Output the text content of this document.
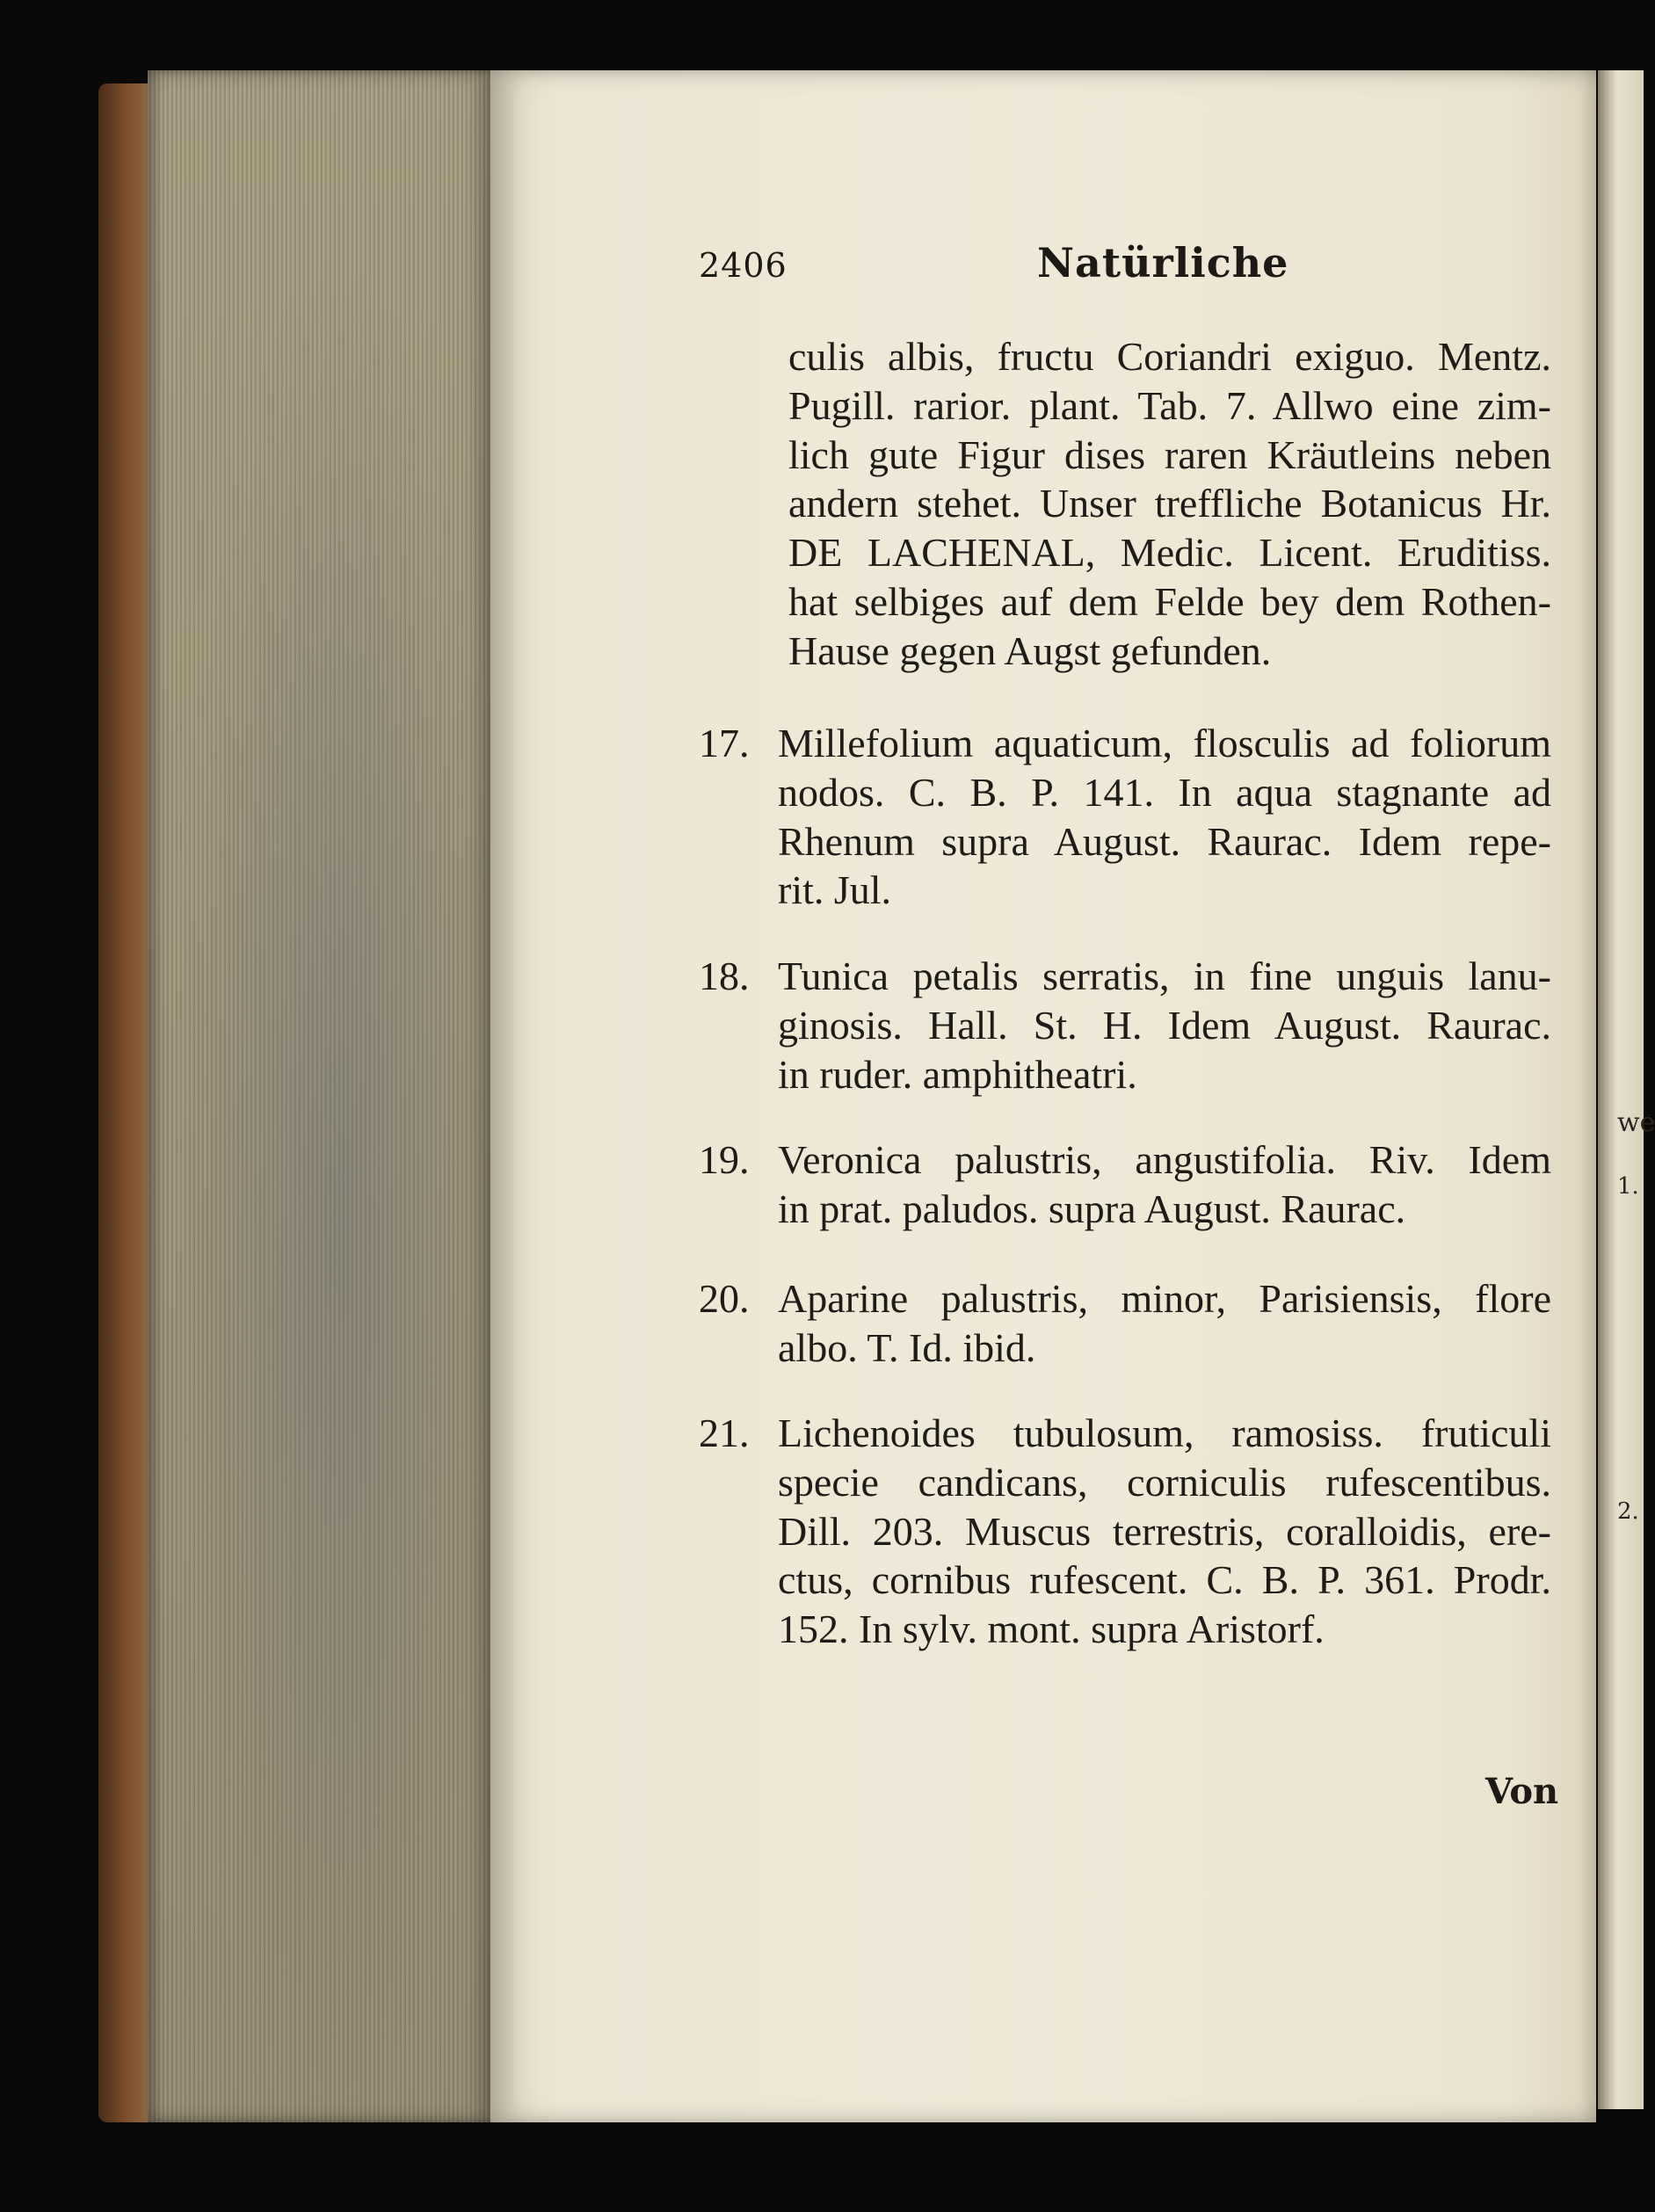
we
1.
2.
2406	Natürliche
culis albis, fructu Coriandri exiguo. Mentz.
Pugill. rarior. plant. Tab. 7. Allwo eine zim-
lich gute Figur dises raren Kräutleins neben
andern stehet. Unser treffliche Botanicus Hr.
DE LACHENAL, Medic. Licent. Eruditiss.
hat selbiges auf dem Felde bey dem Rothen-
Hause gegen Augst gefunden.
17. Millefolium aquaticum, flosculis ad foliorum
nodos. C. B. P. 141. In aqua stagnante ad
Rhenum supra August. Raurac. Idem repe-
rit. Jul.
18. Tunica petalis serratis, in fine unguis lanu-
ginosis. Hall. St. H. Idem August. Raurac.
in ruder. amphitheatri.
19. Veronica palustris, angustifolia. Riv. Idem
in prat. paludos. supra August. Raurac.
20. Aparine palustris, minor, Parisiensis, flore
albo. T. Id. ibid.
21. Lichenoides tubulosum, ramosiss. fruticuli
specie candicans, corniculis rufescentibus.
Dill. 203. Muscus terrestris, coralloidis, ere-
ctus, cornibus rufescent. C. B. P. 361. Prodr.
152. In sylv. mont. supra Aristorf.
Von
